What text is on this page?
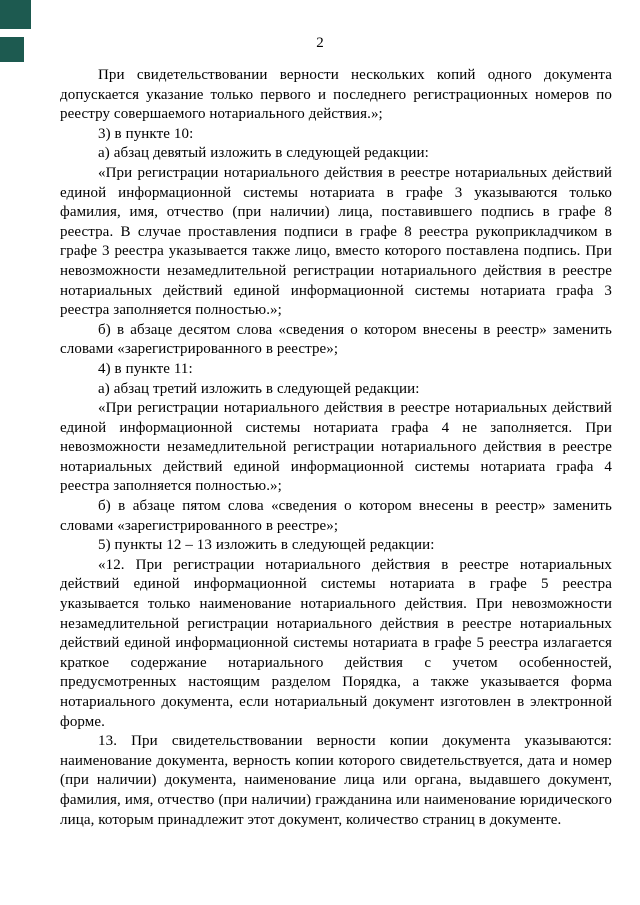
2

При свидетельствовании верности нескольких копий одного документа допускается указание только первого и последнего регистрационных номеров по реестру совершаемого нотариального действия.»;

3) в пункте 10:

а) абзац девятый изложить в следующей редакции:

«При регистрации нотариального действия в реестре нотариальных действий единой информационной системы нотариата в графе 3 указываются только фамилия, имя, отчество (при наличии) лица, поставившего подпись в графе 8 реестра. В случае проставления подписи в графе 8 реестра рукоприкладчиком в графе 3 реестра указывается также лицо, вместо которого поставлена подпись. При невозможности незамедлительной регистрации нотариального действия в реестре нотариальных действий единой информационной системы нотариата графа 3 реестра заполняется полностью.»;

б) в абзаце десятом слова «сведения о котором внесены в реестр» заменить словами «зарегистрированного в реестре»;

4) в пункте 11:

а) абзац третий изложить в следующей редакции:

«При регистрации нотариального действия в реестре нотариальных действий единой информационной системы нотариата графа 4 не заполняется. При невозможности незамедлительной регистрации нотариального действия в реестре нотариальных действий единой информационной системы нотариата графа 4 реестра заполняется полностью.»;

б) в абзаце пятом слова «сведения о котором внесены в реестр» заменить словами «зарегистрированного в реестре»;

5) пункты 12 – 13 изложить в следующей редакции:

«12. При регистрации нотариального действия в реестре нотариальных действий единой информационной системы нотариата в графе 5 реестра указывается только наименование нотариального действия. При невозможности незамедлительной регистрации нотариального действия в реестре нотариальных действий единой информационной системы нотариата в графе 5 реестра излагается краткое содержание нотариального действия с учетом особенностей, предусмотренных настоящим разделом Порядка, а также указывается форма нотариального документа, если нотариальный документ изготовлен в электронной форме.

13. При свидетельствовании верности копии документа указываются: наименование документа, верность копии которого свидетельствуется, дата и номер (при наличии) документа, наименование лица или органа, выдавшего документ, фамилия, имя, отчество (при наличии) гражданина или наименование юридического лица, которым принадлежит этот документ, количество страниц в документе.
